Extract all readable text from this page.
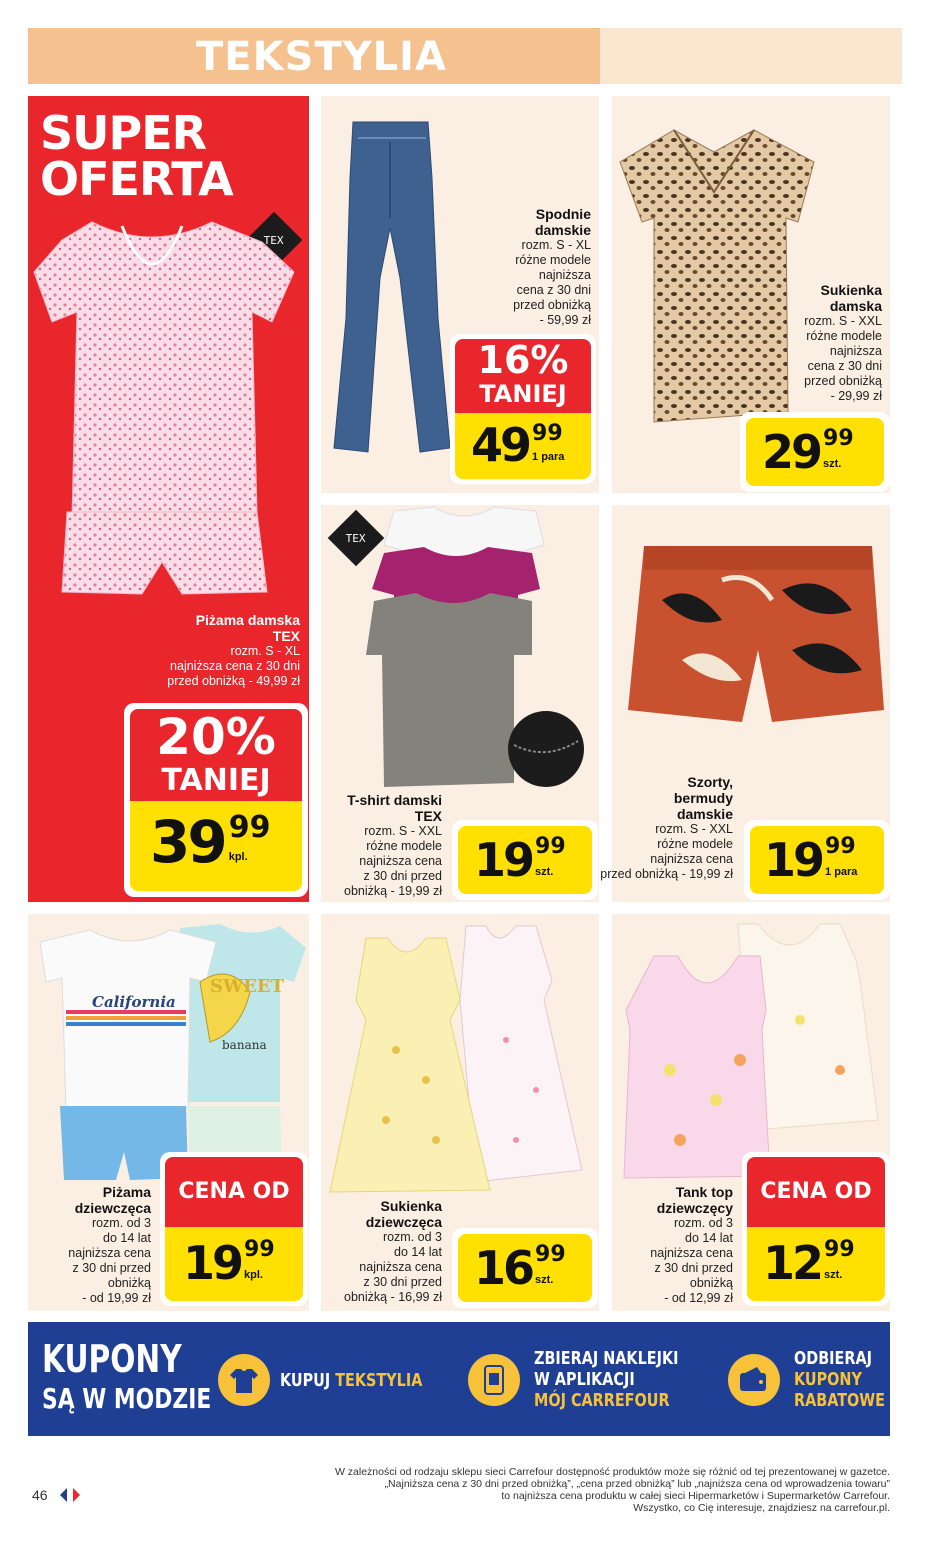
TEKSTYLIA
SUPER
OFERTA
TEX
Piżama damska
TEX
rozm. S - XL
najniższa cena z 30 dni
przed obniżką - 49,99 zł
20%
TANIEJ
39 99
kpl.
Spodnie
damskie
rozm. S - XL
różne modele
najniższa
cena z 30 dni
przed obniżką
- 59,99 zł
16%
TANIEJ
49 99
1 para
Sukienka
damska
rozm. S - XXL
różne modele
najniższa
cena z 30 dni
przed obniżką
- 29,99 zł
29 99
szt.
TEX
T-shirt damski
TEX
rozm. S - XXL
różne modele
najniższa cena
z 30 dni przed
obniżką - 19,99 zł
19 99
szt.
Szorty,
bermudy
damskie
rozm. S - XXL
różne modele
najniższa cena
przed obniżką - 19,99 zł 19 99
1 para
California
SWEET
banana
Piżama
dziewczęca
rozm. od 3
do 14 lat
najniższa cena
z 30 dni przed
obniżką
- od 19,99 zł
CENA OD
19 99
kpl.
Sukienka
dziewczęca
rozm. od 3
do 14 lat
najniższa cena
z 30 dni przed
obniżką - 16,99 zł
16 99
szt.
Tank top
dziewczęcy
rozm. od 3
do 14 lat
najniższa cena
z 30 dni przed
obniżką
- od 12,99 zł
CENA OD
12 99
szt.
KUPONY
SĄ W MODZIE
KUPUJ TEKSTYLIA
ZBIERAJ NAKLEJKI
W APLIKACJI
MÓJ CARREFOUR
ODBIERAJ
KUPONY
RABATOWE
W zależności od rodzaju sklepu sieci Carrefour dostępność produktów może się różnić od tej prezentowanej w gazetce.
„Najniższa cena z 30 dni przed obniżką”, „cena przed obniżką” lub „najniższa cena od wprowadzenia towaru”
to najniższa cena produktu w całej sieci Hipermarketów i Supermarketów Carrefour.
Wszystko, co Cię interesuje, znajdziesz na carrefour.pl.
46
